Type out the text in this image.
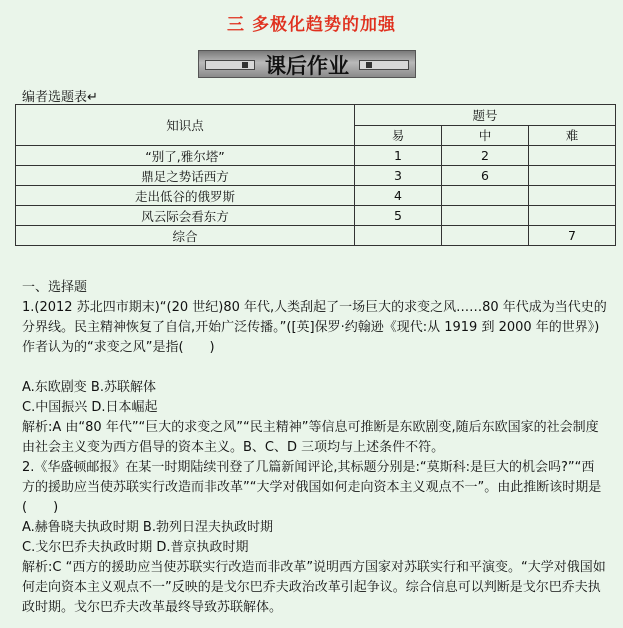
三 多极化趋势的加强
课后作业
编者选题表↵
知识点	题号		
	易	中	难
“别了,雅尔塔”	1	2	
鼎足之势话西方	3	6	
走出低谷的俄罗斯	4		
风云际会看东方	5		
综合			7

一、选择题

1.(2012 苏北四市期末)“(20 世纪)80 年代,人类刮起了一场巨大的求变之风……80 年代成为当代史的分界线。民主精神恢复了自信,开始广泛传播。”([英]保罗·约翰逊《现代:从 1919 到 2000 年的世界》)作者认为的“求变之风”是指(　　)

A.东欧剧变 B.苏联解体

C.中国振兴 D.日本崛起

解析:A 由“80 年代”“巨大的求变之风”“民主精神”等信息可推断是东欧剧变,随后东欧国家的社会制度由社会主义变为西方倡导的资本主义。B、C、D 三项均与上述条件不符。

2.《华盛顿邮报》在某一时期陆续刊登了几篇新闻评论,其标题分别是:“莫斯科:是巨大的机会吗?”“西方的援助应当使苏联实行改造而非改革”“大学对俄国如何走向资本主义观点不一”。由此推断该时期是(　　)

A.赫鲁晓夫执政时期 B.勃列日涅夫执政时期

C.戈尔巴乔夫执政时期 D.普京执政时期

解析:C “西方的援助应当使苏联实行改造而非改革”说明西方国家对苏联实行和平演变。“大学对俄国如何走向资本主义观点不一”反映的是戈尔巴乔夫政治改革引起争议。综合信息可以判断是戈尔巴乔夫执政时期。戈尔巴乔夫改革最终导致苏联解体。
